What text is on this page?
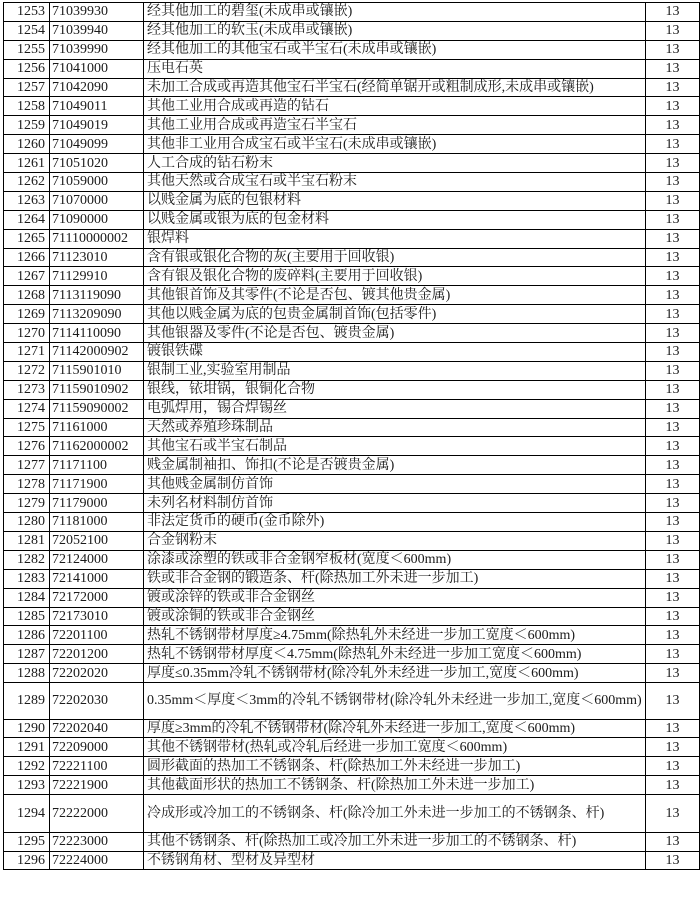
1253	71039930	经其他加工的碧玺(未成串或镶嵌)	13
1254	71039940	经其他加工的软玉(未成串或镶嵌)	13
1255	71039990	经其他加工的其他宝石或半宝石(未成串或镶嵌)	13
1256	71041000	压电石英	13
1257	71042090	未加工合成或再造其他宝石半宝石(经简单锯开或粗制成形,未成串或镶嵌)	13
1258	71049011	其他工业用合成或再造的钻石	13
1259	71049019	其他工业用合成或再造宝石半宝石	13
1260	71049099	其他非工业用合成宝石或半宝石(未成串或镶嵌)	13
1261	71051020	人工合成的钻石粉末	13
1262	71059000	其他天然或合成宝石或半宝石粉末	13
1263	71070000	以贱金属为底的包银材料	13
1264	71090000	以贱金属或银为底的包金材料	13
1265	71110000002	银焊料	13
1266	71123010	含有银或银化合物的灰(主要用于回收银)	13
1267	71129910	含有银及银化合物的废碎料(主要用于回收银)	13
1268	7113119090	其他银首饰及其零件(不论是否包、镀其他贵金属)	13
1269	7113209090	其他以贱金属为底的包贵金属制首饰(包括零件)	13
1270	7114110090	其他银器及零件(不论是否包、镀贵金属)	13
1271	71142000902	镀银铁碟	13
1272	7115901010	银制工业,实验室用制品	13
1273	71159010902	银线，铱坩锅，银铜化合物	13
1274	71159090002	电弧焊用，锡合焊锡丝	13
1275	71161000	天然或养殖珍珠制品	13
1276	71162000002	其他宝石或半宝石制品	13
1277	71171100	贱金属制袖扣、饰扣(不论是否镀贵金属)	13
1278	71171900	其他贱金属制仿首饰	13
1279	71179000	未列名材料制仿首饰	13
1280	71181000	非法定货币的硬币(金币除外)	13
1281	72052100	合金钢粉末	13
1282	72124000	涂漆或涂塑的铁或非合金钢窄板材(宽度＜600mm)	13
1283	72141000	铁或非合金钢的锻造条、杆(除热加工外未进一步加工)	13
1284	72172000	镀或涂锌的铁或非合金钢丝	13
1285	72173010	镀或涂铜的铁或非合金钢丝	13
1286	72201100	热轧不锈钢带材厚度≥4.75mm(除热轧外未经进一步加工宽度＜600mm)	13
1287	72201200	热轧不锈钢带材厚度＜4.75mm(除热轧外未经进一步加工宽度＜600mm)	13
1288	72202020	厚度≤0.35mm冷轧不锈钢带材(除冷轧外未经进一步加工,宽度＜600mm)	13
1289	72202030	0.35mm＜厚度＜3mm的冷轧不锈钢带材(除冷轧外未经进一步加工,宽度＜600mm)	13
1290	72202040	厚度≥3mm的冷轧不锈钢带材(除冷轧外未经进一步加工,宽度＜600mm)	13
1291	72209000	其他不锈钢带材(热轧或冷轧后经进一步加工宽度＜600mm)	13
1292	72221100	圆形截面的热加工不锈钢条、杆(除热加工外未经进一步加工)	13
1293	72221900	其他截面形状的热加工不锈钢条、杆(除热加工外未进一步加工)	13
1294	72222000	冷成形或冷加工的不锈钢条、杆(除冷加工外未进一步加工的不锈钢条、杆)	13
1295	72223000	其他不锈钢条、杆(除热加工或冷加工外未进一步加工的不锈钢条、杆)	13
1296	72224000	不锈钢角材、型材及异型材	13
